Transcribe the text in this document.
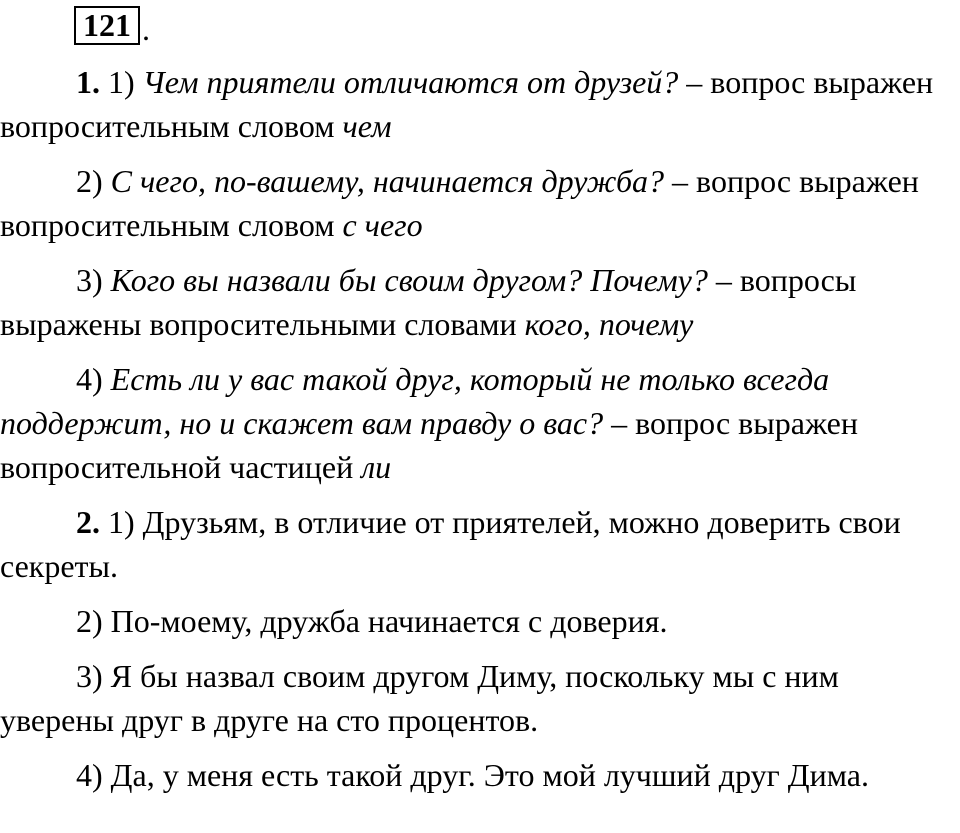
121 .

1. 1) Чем приятели отличаются от друзей? – вопрос выражен вопросительным словом чем

2) С чего, по-вашему, начинается дружба? – вопрос выражен вопросительным словом с чего

3) Кого вы назвали бы своим другом? Почему? – вопросы выражены вопросительными словами кого, почему

4) Есть ли у вас такой друг, который не только всегда поддержит, но и скажет вам правду о вас? – вопрос выражен вопросительной частицей ли

2. 1) Друзьям, в отличие от приятелей, можно доверить свои секреты.

2) По-моему, дружба начинается с доверия.

3) Я бы назвал своим другом Диму, поскольку мы с ним уверены друг в друге на сто процентов.

4) Да, у меня есть такой друг. Это мой лучший друг Дима.
